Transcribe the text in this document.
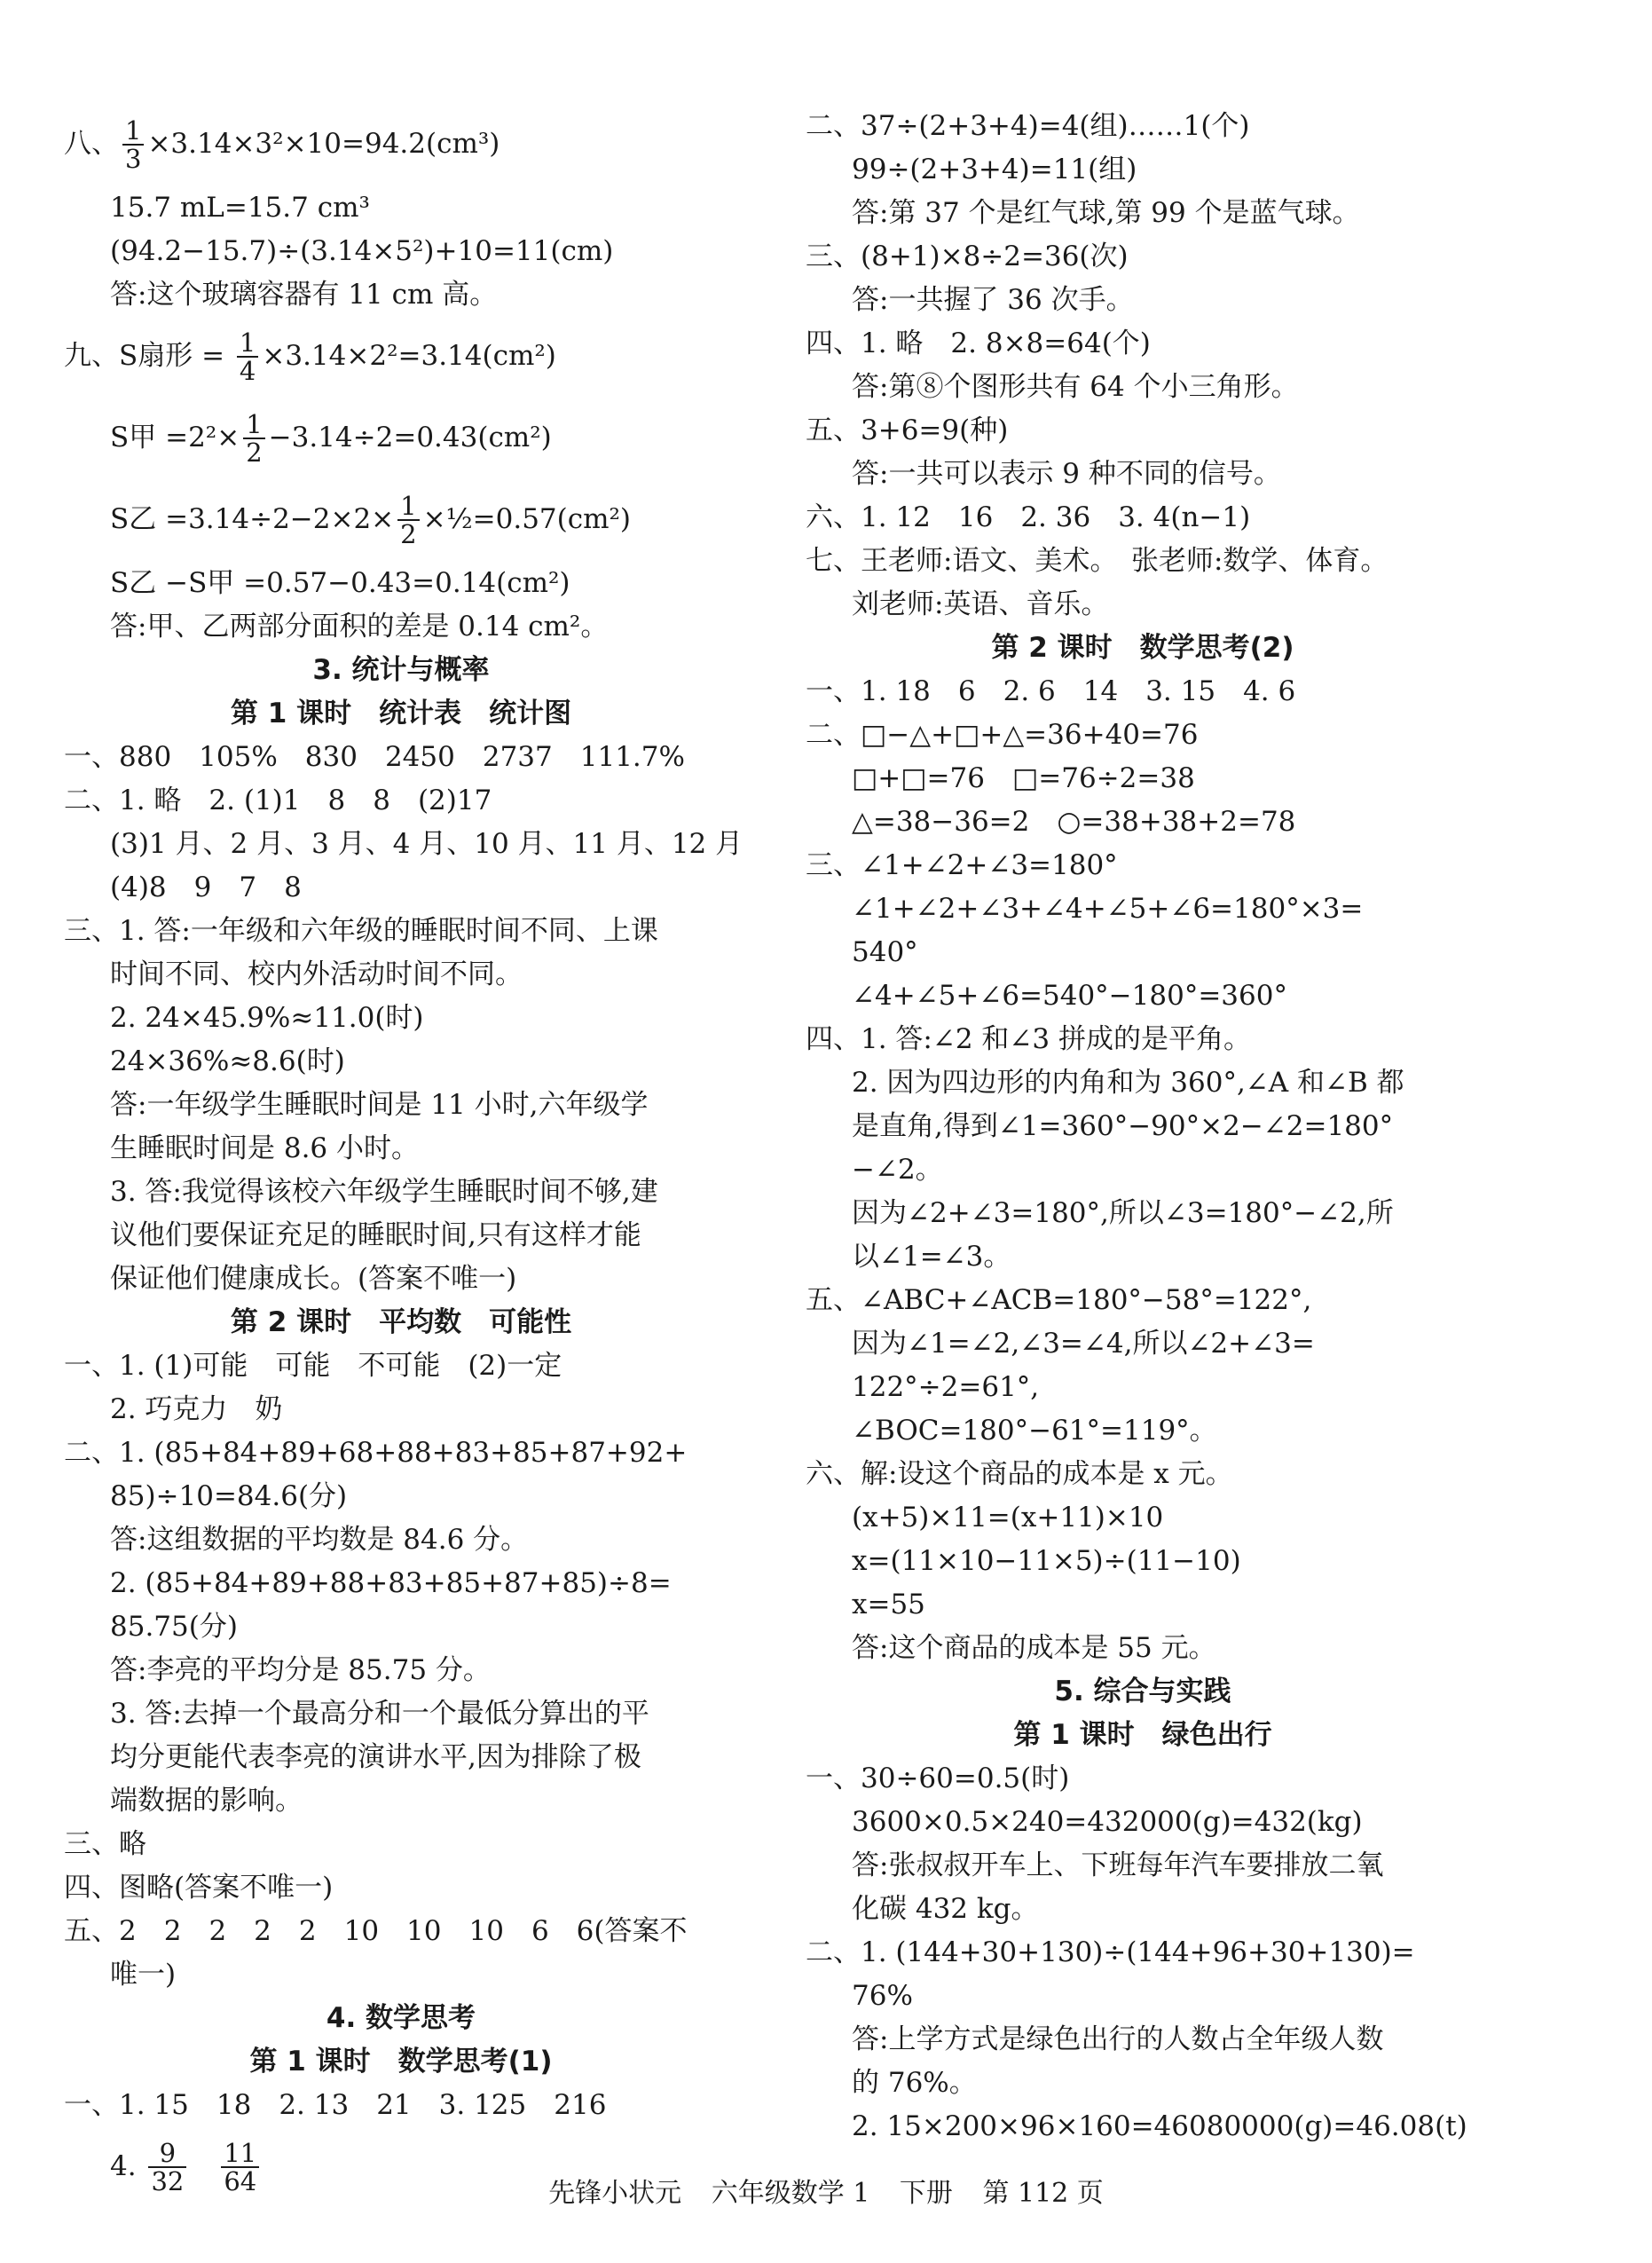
八、 $\frac{1}{3} \times 3.14\times 3^2\times 10=94.2(cm^3)$
15.7 mL=15.7 cm³
(94.2−15.7)÷(3.14×5²)+10=11(cm)
答:这个玻璃容器有 11 cm 高。
九、S扇形 = $\frac{1}{4} \times 3.14\times 2^2=3.14(cm^2)$
S甲 $=2^2\times \frac{1}{2} -3.14\div 2=0.43(cm^2)$
S乙 $=3.14\div 2-2\times 2\times \frac{1}{2}$ ×½=0.57(cm²)
S乙 −S甲 =0.57−0.43=0.14(cm²)
答:甲、乙两部分面积的差是 0.14 cm²。
3. 统计与概率
第 1 课时　统计表　统计图
一、880　105%　830　2450　2737　111.7%
二、1. 略　2. (1)1　8　8　(2)17
(3)1 月、2 月、3 月、4 月、10 月、11 月、12 月
(4)8　9　7　8
三、1. 答:一年级和六年级的睡眠时间不同、上课
时间不同、校内外活动时间不同。
2. 24×45.9%≈11.0(时)
24×36%≈8.6(时)
答:一年级学生睡眠时间是 11 小时,六年级学
生睡眠时间是 8.6 小时。
3. 答:我觉得该校六年级学生睡眠时间不够,建
议他们要保证充足的睡眠时间,只有这样才能
保证他们健康成长。(答案不唯一)
第 2 课时　平均数　可能性
一、1. (1)可能　可能　不可能　(2)一定
2. 巧克力　奶
二、1. (85+84+89+68+88+83+85+87+92+
85)÷10=84.6(分)
答:这组数据的平均数是 84.6 分。
2. (85+84+89+88+83+85+87+85)÷8=
85.75(分)
答:李亮的平均分是 85.75 分。
3. 答:去掉一个最高分和一个最低分算出的平
均分更能代表李亮的演讲水平,因为排除了极
端数据的影响。
三、略
四、图略(答案不唯一)
五、2　2　2　2　2　10　10　10　6　6(答案不
唯一)
4. 数学思考
第 1 课时　数学思考(1)
一、1. 15　18　2. 13　21　3. 125　216
4. $\frac{9}{32}$
　 $\frac{11}{64}$
二、37÷(2+3+4)=4(组)……1(个)
99÷(2+3+4)=11(组)
答:第 37 个是红气球,第 99 个是蓝气球。
三、(8+1)×8÷2=36(次)
答:一共握了 36 次手。
四、1. 略　2. 8×8=64(个)
答:第⑧个图形共有 64 个小三角形。
五、3+6=9(种)
答:一共可以表示 9 种不同的信号。
六、1. 12　16　2. 36　3. 4(n−1)
七、王老师:语文、美术。　张老师:数学、体育。
刘老师:英语、音乐。
第 2 课时　数学思考(2)
一、1. 18　6　2. 6　14　3. 15　4. 6
二、□−△+□+△=36+40=76
□+□=76　□=76÷2=38
△=38−36=2　○=38+38+2=78
三、∠1+∠2+∠3=180°
∠1+∠2+∠3+∠4+∠5+∠6=180°×3=
540°
∠4+∠5+∠6=540°−180°=360°
四、1. 答:∠2 和∠3 拼成的是平角。
2. 因为四边形的内角和为 360°,∠A 和∠B 都
是直角,得到∠1=360°−90°×2−∠2=180°
−∠2。
因为∠2+∠3=180°,所以∠3=180°−∠2,所
以∠1=∠3。
五、∠ABC+∠ACB=180°−58°=122°,
因为∠1=∠2,∠3=∠4,所以∠2+∠3=
122°÷2=61°,
∠BOC=180°−61°=119°。
六、解:设这个商品的成本是 x 元。
(x+5)×11=(x+11)×10
x=(11×10−11×5)÷(11−10)
x=55
答:这个商品的成本是 55 元。
5. 综合与实践
第 1 课时　绿色出行
一、30÷60=0.5(时)
3600×0.5×240=432000(g)=432(kg)
答:张叔叔开车上、下班每年汽车要排放二氧
化碳 432 kg。
二、1. (144+30+130)÷(144+96+30+130)=
76%
答:上学方式是绿色出行的人数占全年级人数
的 76%。
2. 15×200×96×160=46080000(g)=46.08(t)
先锋小状元 六年级数学 1 下册 第 112 页
